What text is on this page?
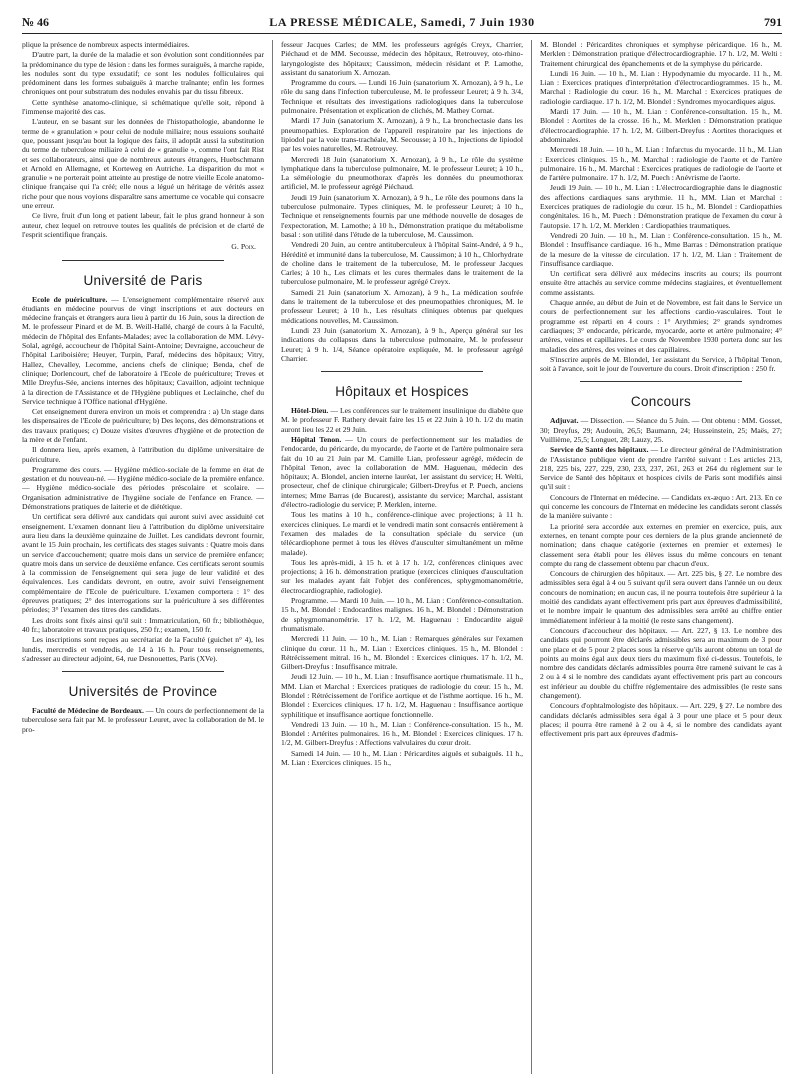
№ 46	LA PRESSE MÉDICALE, Samedi, 7 Juin 1930	791

plique la présence de nombreux aspects intermédiaires.

D'autre part, la durée de la maladie et son évolution sont conditionnées par la prédominance du type de lésion : dans les formes suraiguës, à marche rapide, les nodules sont du type exsudatif; ce sont les nodules folliculaires qui prédominent dans les formes subaiguës à marche traînante; enfin les formes chroniques ont pour substratum des nodules envahis par du tissu fibreux.

Cette synthèse anatomo-clinique, si schématique qu'elle soit, répond à l'immense majorité des cas.

L'auteur, en se basant sur les données de l'histopathologie, abandonne le terme de « granulation » pour celui de nodule miliaire; nous essuions souhaité que, poussant jusqu'au bout la logique des faits, il adoptât aussi la substitution du terme de tuberculose miliaire à celui de « granulie », comme l'ont fait Rist et ses collaborateurs, ainsi que de nombreux auteurs étrangers, Huebschmann et Arnold en Allemagne, et Korteweg en Autriche. La disparition du mot « granulie » ne porterait point atteinte au prestige de notre vieille Ecole anatomo-clinique française qui l'a créé; elle nous a légué un héritage de vérités assez riche pour que nous voyions disparaître sans amertume ce vocable qui consacre une erreur.

Ce livre, fruit d'un long et patient labeur, fait le plus grand honneur à son auteur, chez lequel on retrouve toutes les qualités de précision et de clarté de l'esprit scientifique français.

G. Poix.

Université de Paris

Ecole de puériculture. — L'enseignement complémentaire réservé aux étudiants en médecine pourvus de vingt inscriptions et aux docteurs en médecine français et étrangers aura lieu à partir du 16 Juin, sous la direction de M. le professeur Pinard et de M. B. Weill-Hallé, chargé de cours à la Faculté, médecin de l'hôpital des Enfants-Malades; avec la collaboration de MM. Lévy-Solal, agrégé, accoucheur de l'hôpital Saint-Antoine; Devraigne, accoucheur de l'hôpital Lariboisière; Heuyer, Turpin, Paraf, médecins des hôpitaux; Vitry, Hallez, Chevalley, Lecomme, anciens chefs de clinique; Benda, chef de clinique; Dorlencourt, chef de laboratoire à l'Ecole de puériculture; Treves et Mlle Dreyfus-Sée, anciens internes des hôpitaux; Cavaillon, adjoint technique à la direction de l'Assistance et de l'Hygiène publiques et Leclainche, chef du Service technique à l'Office national d'Hygiène.

Cet enseignement durera environ un mois et comprendra : a) Un stage dans les dispensaires de l'Ecole de puériculture; b) Des leçons, des démonstrations et des travaux pratiques; c) Douze visites d'œuvres d'hygiène et de protection de la mère et de l'enfant.

Il donnera lieu, après examen, à l'attribution du diplôme universitaire de puériculture.

Programme des cours. — Hygiène médico-sociale de la femme en état de gestation et du nouveau-né. — Hygiène médico-sociale de la première enfance. — Hygiène médico-sociale des périodes préscolaire et scolaire. — Organisation administrative de l'hygiène sociale de l'enfance en France. — Démonstrations pratiques de laiterie et de diététique.

Un certificat sera délivré aux candidats qui auront suivi avec assiduité cet enseignement. L'examen donnant lieu à l'attribution du diplôme universitaire aura lieu dans la deuxième quinzaine de Juillet. Les candidats devront fournir, avant le 15 Juin prochain, les certificats des stages suivants : Quatre mois dans un service d'accouchement; quatre mois dans un service de première enfance; quatre mois dans un service de deuxième enfance. Ces certificats seront soumis à la commission de l'enseignement qui sera juge de leur validité et des équivalences. Les candidats devront, en outre, avoir suivi l'enseignement complémentaire de l'Ecole de puériculture. L'examen comportera : 1° des épreuves pratiques; 2° des interrogations sur la puériculture à ses différentes périodes; 3° l'examen des titres des candidats.

Les droits sont fixés ainsi qu'il suit : Immatriculation, 60 fr.; bibliothèque, 40 fr.; laboratoire et travaux pratiques, 250 fr.; examen, 150 fr.

Les inscriptions sont reçues au secrétariat de la Faculté (guichet n° 4), les lundis, mercredis et vendredis, de 14 à 16 h. Pour tous renseignements, s'adresser au directeur adjoint, 64, rue Desnouettes, Paris (XVe).

Universités de Province

Faculté de Médecine de Bordeaux. — Un cours de perfectionnement de la tuberculose sera fait par M. le professeur Leuret, avec la collaboration de M. le pro-

fesseur Jacques Carles; de MM. les professeurs agrégés Creyx, Charrier, Piéchaud et de MM. Secousse, médecin des hôpitaux, Retrouvey, oto-rhino-laryngologiste des hôpitaux; Caussimon, médecin résidant et P. Lamothe, assistant du sanatorium X. Arnozan.

Programme du cours. — Lundi 16 Juin (sanatorium X. Arnozan), à 9 h., Le rôle du sang dans l'infection tuberculeuse, M. le professeur Leuret; à 9 h. 3/4, Technique et résultats des investigations radiologiques dans la tuberculose pulmonaire. Présentation et explication de clichés, M. Mathey Cornat.

Mardi 17 Juin (sanatorium X. Arnozan), à 9 h., La bronchectasie dans les pneumopathies. Exploration de l'appareil respiratoire par les injections de lipiodol par la voie trans-trachéale, M. Secousse; à 10 h., Injections de lipiodol par les voies naturelles, M. Retrouvey.

Mercredi 18 Juin (sanatorium X. Arnozan), à 9 h., Le rôle du système lymphatique dans la tuberculose pulmonaire, M. le professeur Leuret; à 10 h., La séméiologie du pneumothorax d'après les données du pneumothorax artificiel, M. le professeur agrégé Piéchaud.

Jeudi 19 Juin (sanatorium X. Arnozan), à 9 h., Le rôle des poumons dans la tuberculose pulmonaire. Types cliniques, M. le professeur Leuret; à 10 h., Technique et renseignements fournis par une méthode nouvelle de dosages de l'expectoration, M. Lamothe; à 10 h., Démonstration pratique du métabolisme basal : son utilité dans l'étude de la tuberculose, M. Caussimon.

Vendredi 20 Juin, au centre antituberculeux à l'hôpital Saint-André, à 9 h., Hérédité et immunité dans la tuberculose, M. Caussimon; à 10 h., Chlorhydrate de choline dans le traitement de la tuberculose, M. le professeur Jacques Carles; à 10 h., Les climats et les cures thermales dans le traitement de la tuberculose pulmonaire, M. le professeur agrégé Creyx.

Samedi 21 Juin (sanatorium X. Arnozan), à 9 h., La médication soufrée dans le traitement de la tuberculose et des pneumopathies chroniques, M. le professeur Leuret; à 10 h., Les résultats cliniques obtenus par quelques médications nouvelles, M. Caussimon.

Lundi 23 Juin (sanatorium X. Arnozan), à 9 h., Aperçu général sur les indications du collapsus dans la tuberculose pulmonaire, M. le professeur Leuret; à 9 h. 1/4, Séance opératoire expliquée, M. le professeur agrégé Charrier.

Hôpitaux et Hospices

Hôtel-Dieu. — Les conférences sur le traitement insulinique du diabète que M. le professeur F. Rathery devait faire les 15 et 22 Juin à 10 h. 1/2 du matin auront lieu les 22 et 29 Juin.

Hôpital Tenon. — Un cours de perfectionnement sur les maladies de l'endocarde, du péricarde, du myocarde, de l'aorte et de l'artère pulmonaire sera fait du 10 au 21 Juin par M. Camille Lian, professeur agrégé, médecin de l'hôpital Tenon, avec la collaboration de MM. Haguenau, médecin des hôpitaux; A. Blondel, ancien interne lauréat, 1er assistant du service; H. Welti, prosecteur, chef de clinique chirurgicale; Gilbert-Dreyfus et P. Puech, anciens internes; Mme Barras (de Bucarest), assistante du service; Marchal, assistant d'électro-radiologie du service; P. Merklen, interne.

Tous les matins à 10 h., conférence-clinique avec projections; à 11 h. exercices cliniques. Le mardi et le vendredi matin sont consacrés entièrement à l'examen des malades de la consultation spéciale du service (un télécardiophone permet à tous les élèves d'ausculter simultanément un même malade).

Tous les après-midi, à 15 h. et à 17 h. 1/2, conférences cliniques avec projections; à 16 h. démonstration pratique (exercices cliniques d'auscultation sur les malades ayant fait l'objet des conférences, sphygmomanométrie, électrocardiographie, radiologie).

Programme. — Mardi 10 Juin. — 10 h., M. Lian : Conférence-consultation. 15 h., M. Blondel : Endocardites malignes. 16 h., M. Blondel : Démonstration de sphygmomanométrie. 17 h. 1/2, M. Haguenau : Endocardite aiguë rhumatismale.

Mercredi 11 Juin. — 10 h., M. Lian : Remarques générales sur l'examen clinique du cœur. 11 h., M. Lian : Exercices cliniques. 15 h., M. Blondel : Rétrécissement mitral. 16 h., M. Blondel : Exercices cliniques. 17 h. 1/2, M. Gilbert-Dreyfus : Insuffisance mitrale.

Jeudi 12 Juin. — 10 h., M. Lian : Insuffisance aortique rhumatismale. 11 h., MM. Lian et Marchal : Exercices pratiques de radiologie du cœur. 15 h., M. Blondel : Rétrécissement de l'orifice aortique et de l'isthme aortique. 16 h., M. Blondel : Exercices cliniques. 17 h. 1/2, M. Haguenau : Insuffisance aortique syphilitique et insuffisance aortique fonctionnelle.

Vendredi 13 Juin. — 10 h., M. Lian : Conférence-consultation. 15 h., M. Blondel : Artérites pulmonaires. 16 h., M. Blondel : Exercices cliniques. 17 h. 1/2, M. Gilbert-Dreyfus : Affections valvulaires du cœur droit.

Samedi 14 Juin. — 10 h., M. Lian : Péricardites aiguës et subaiguës. 11 h., M. Lian : Exercices cliniques. 15 h.,

M. Blondel : Péricardites chroniques et symphyse péricardique. 16 h., M. Merklen : Démonstration pratique d'électrocardiographie. 17 h. 1/2, M. Welti : Traitement chirurgical des épanchements et de la symphyse du péricarde.

Lundi 16 Juin. — 10 h., M. Lian : Hypodynamie du myocarde. 11 h., M. Lian : Exercices pratiques d'interprétation d'électrocardiogrammes. 15 h., M. Marchal : Radiologie du cœur. 16 h., M. Marchal : Exercices pratiques de radiologie cardiaque. 17 h. 1/2, M. Blondel : Syndromes myocardiques aigus.

Mardi 17 Juin. — 10 h., M. Lian : Conférence-consultation. 15 h., M. Blondel : Aortites de la crosse. 16 h., M. Merklen : Démonstration pratique d'électrocardiographie. 17 h. 1/2, M. Gilbert-Dreyfus : Aortites thoraciques et abdominales.

Mercredi 18 Juin. — 10 h., M. Lian : Infarctus du myocarde. 11 h., M. Lian : Exercices cliniques. 15 h., M. Marchal : radiologie de l'aorte et de l'artère pulmonaire. 16 h., M. Marchal : Exercices pratiques de radiologie de l'aorte et de l'artère pulmonaire. 17 h. 1/2, M. Puech : Anévrisme de l'aorte.

Jeudi 19 Juin. — 10 h., M. Lian : L'électrocardiographie dans le diagnostic des affections cardiaques sans arythmie. 11 h., MM. Lian et Marchal : Exercices pratiques de radiologie du cœur. 15 h., M. Blondel : Cardiopathies congénitales. 16 h., M. Puech : Démonstration pratique de l'examen du cœur à l'autopsie. 17 h. 1/2, M. Merklen : Cardiopathies traumatiques.

Vendredi 20 Juin. — 10 h., M. Lian : Conférence-consultation. 15 h., M. Blondel : Insuffisance cardiaque. 16 h., Mme Barras : Démonstration pratique de la mesure de la vitesse de circulation. 17 h. 1/2, M. Lian : Traitement de l'insuffisance cardiaque.

Un certificat sera délivré aux médecins inscrits au cours; ils pourront ensuite être attachés au service comme médecins stagiaires, et éventuellement comme assistants.

Chaque année, au début de Juin et de Novembre, est fait dans le Service un cours de perfectionnement sur les affections cardio-vasculaires. Tout le programme est réparti en 4 cours : 1° Arythmies; 2° grands syndromes cardiaques; 3° endocarde, péricarde, myocarde, aorte et artère pulmonaire; 4° artères, veines et capillaires. Le cours de Novembre 1930 portera donc sur les maladies des artères, des veines et des capillaires.

S'inscrire auprès de M. Blondel, 1er assistant du Service, à l'hôpital Tenon, soit à l'avance, soit le jour de l'ouverture du cours. Droit d'inscription : 250 fr.

Concours

Adjuvat. — Dissection. — Séance du 5 Juin. — Ont obtenu : MM. Gosset, 30; Dreyfus, 29; Audouin, 26,5; Baumann, 24; Husseinstein, 25; Maës, 27; Vuillième, 25,5; Longuet, 28; Lauzy, 25.

Service de Santé des hôpitaux. — Le directeur général de l'Administration de l'Assistance publique vient de prendre l'arrêté suivant : Les articles 213, 218, 225 bis, 227, 229, 230, 233, 237, 261, 263 et 264 du règlement sur le Service de Santé des hôpitaux et hospices civils de Paris sont modifiés ainsi qu'il suit :

Concours de l'Internat en médecine. — Candidats ex-æquo : Art. 213. En ce qui concerne les concours de l'Internat en médecine les candidats seront classés de la manière suivante :

La priorité sera accordée aux externes en premier en exercice, puis, aux externes, en tenant compte pour ces derniers de la plus grande ancienneté de nomination; dans chaque catégorie (externes en premier et externes) le classement sera établi pour les élèves issus du même concours en tenant compte du rang de classement obtenu par chacun d'eux.

Concours de chirurgien des hôpitaux. — Art. 225 bis, § 2?. Le nombre des admissibles sera égal à 4 ou 5 suivant qu'il sera ouvert dans l'année un ou deux concours de nomination; en aucun cas, il ne pourra toutefois être supérieur à la moitié des candidats ayant effectivement pris part aux épreuves d'admissibilité, et le nombre impair le quantum des admissibles sera arrêté au chiffre entier immédiatement inférieur à la moitié (le reste sans changement).

Concours d'accoucheur des hôpitaux. — Art. 227, § 13. Le nombre des candidats qui pourront être déclarés admissibles sera au maximum de 3 pour une place et de 5 pour 2 places sous la réserve qu'ils auront obtenu un total de points au moins égal aux deux tiers du maximum fixé ci-dessus. Toutefois, le nombre des candidats déclarés admissibles pourra être ramené suivant le cas à 2 ou à 4 si le nombre des candidats ayant effectivement pris part au concours est inférieur au double du chiffre réglementaire des admissibles (le reste sans changement).

Concours d'ophtalmologiste des hôpitaux. — Art. 229, § 2?. Le nombre des candidats déclarés admissibles sera égal à 3 pour une place et 5 pour deux places; il pourra être ramené à 2 ou à 4, si le nombre des candidats ayant effectivement pris part aux épreuves d'admis-
